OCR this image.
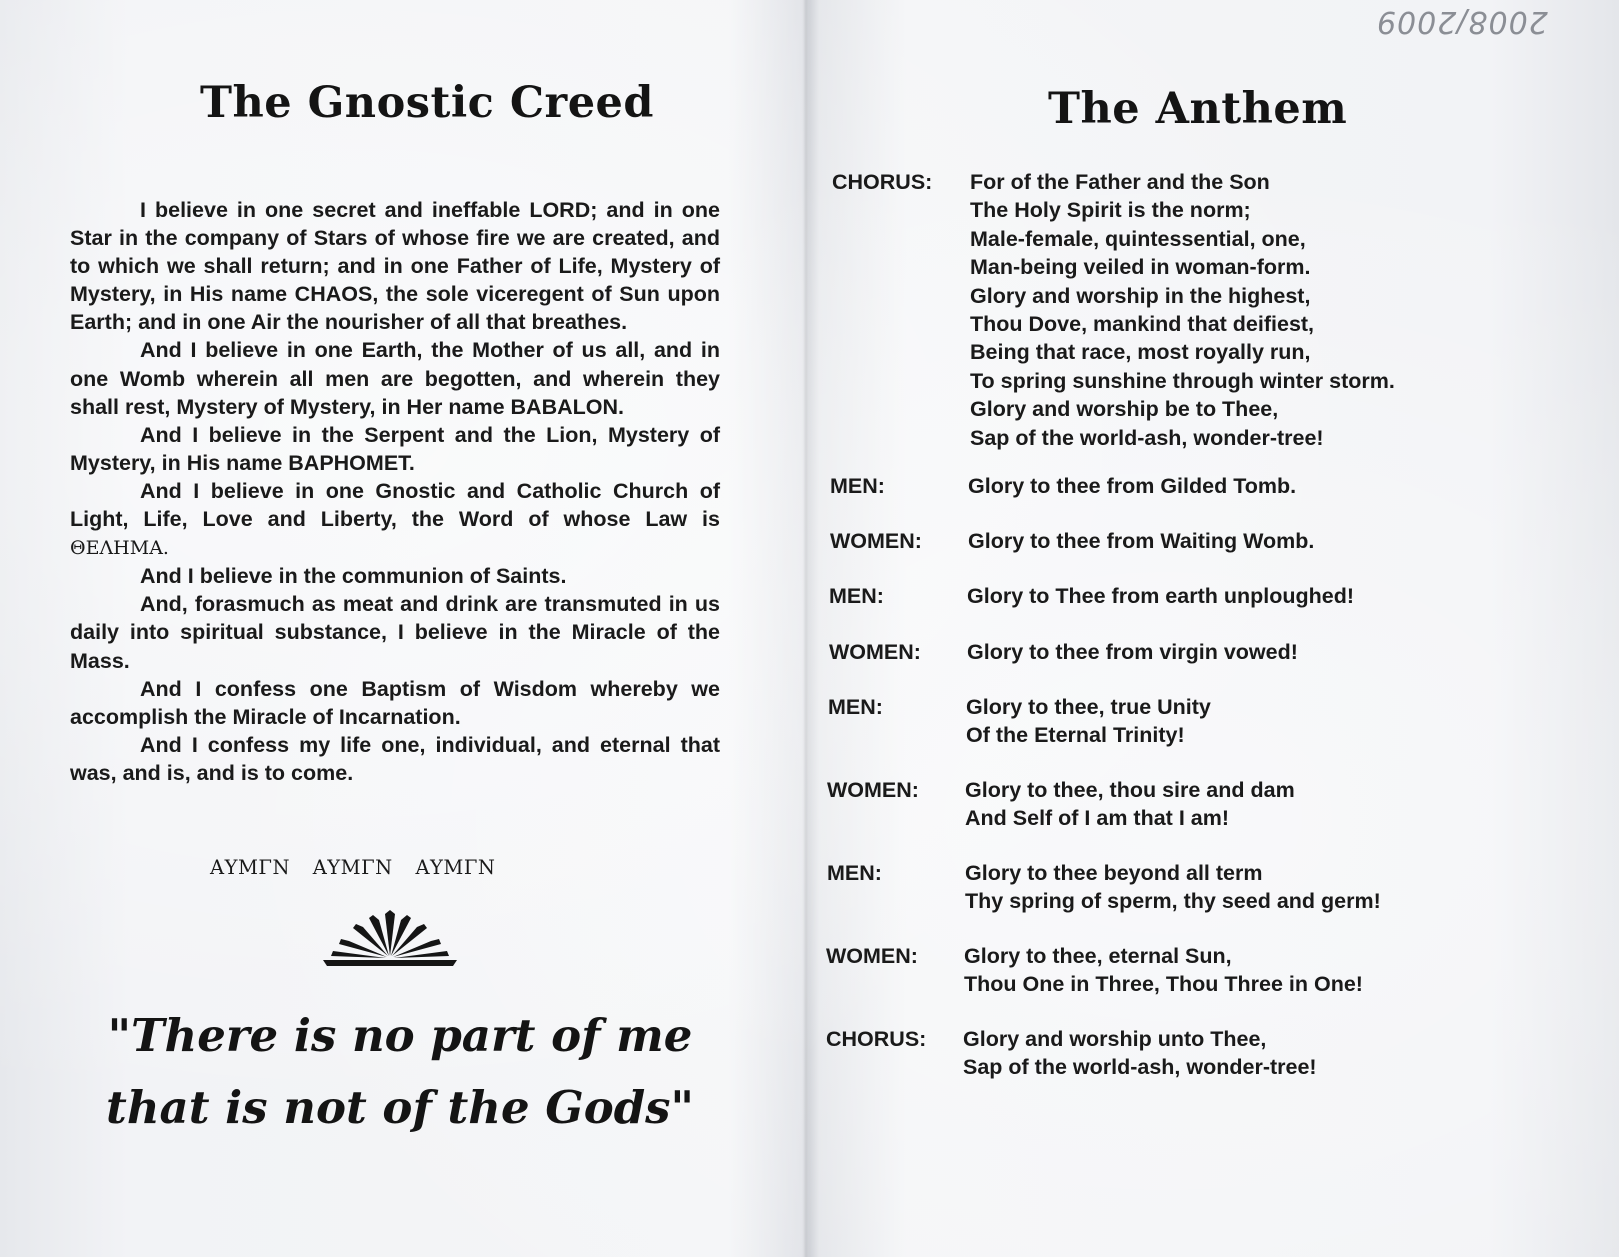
2008/2009
The Gnostic Creed

I believe in one secret and ineffable LORD; and in one Star in the company of Stars of whose fire we are created, and to which we shall return; and in one Father of Life, Mystery of Mystery, in His name CHAOS, the sole viceregent of Sun upon Earth; and in one Air the nourisher of all that breathes.

And I believe in one Earth, the Mother of us all, and in one Womb wherein all men are begotten, and wherein they shall rest, Mystery of Mystery, in Her name BABALON.

And I believe in the Serpent and the Lion, Mystery of Mystery, in His name BAPHOMET.

And I believe in one Gnostic and Catholic Church of Light, Life, Love and Liberty, the Word of whose Law is ΘΕΛΗΜΑ.

And I believe in the communion of Saints.

And, forasmuch as meat and drink are transmuted in us daily into spiritual substance, I believe in the Miracle of the Mass.

And I confess one Baptism of Wisdom whereby we accomplish the Miracle of Incarnation.

And I confess my life one, individual, and eternal that was, and is, and is to come.

ΑΥΜΓΝ ΑΥΜΓΝ ΑΥΜΓΝ
"There is no part of me
that is not of the Gods"
The Anthem
CHORUS: For of the Father and the Son
The Holy Spirit is the norm;
Male-female, quintessential, one,
Man-being veiled in woman-form.
Glory and worship in the highest,
Thou Dove, mankind that deifiest,
Being that race, most royally run,
To spring sunshine through winter storm.
Glory and worship be to Thee,
Sap of the world-ash, wonder-tree!
MEN:	Glory to thee from Gilded Tomb.
WOMEN: Glory to thee from Waiting Womb.
MEN:	Glory to Thee from earth unploughed!
WOMEN: Glory to thee from virgin vowed!
MEN:	Glory to thee, true Unity
Of the Eternal Trinity!
WOMEN: Glory to thee, thou sire and dam
And Self of I am that I am!
MEN:	Glory to thee beyond all term
Thy spring of sperm, thy seed and germ!
WOMEN: Glory to thee, eternal Sun,
Thou One in Three, Thou Three in One!
CHORUS: Glory and worship unto Thee,
Sap of the world-ash, wonder-tree!
